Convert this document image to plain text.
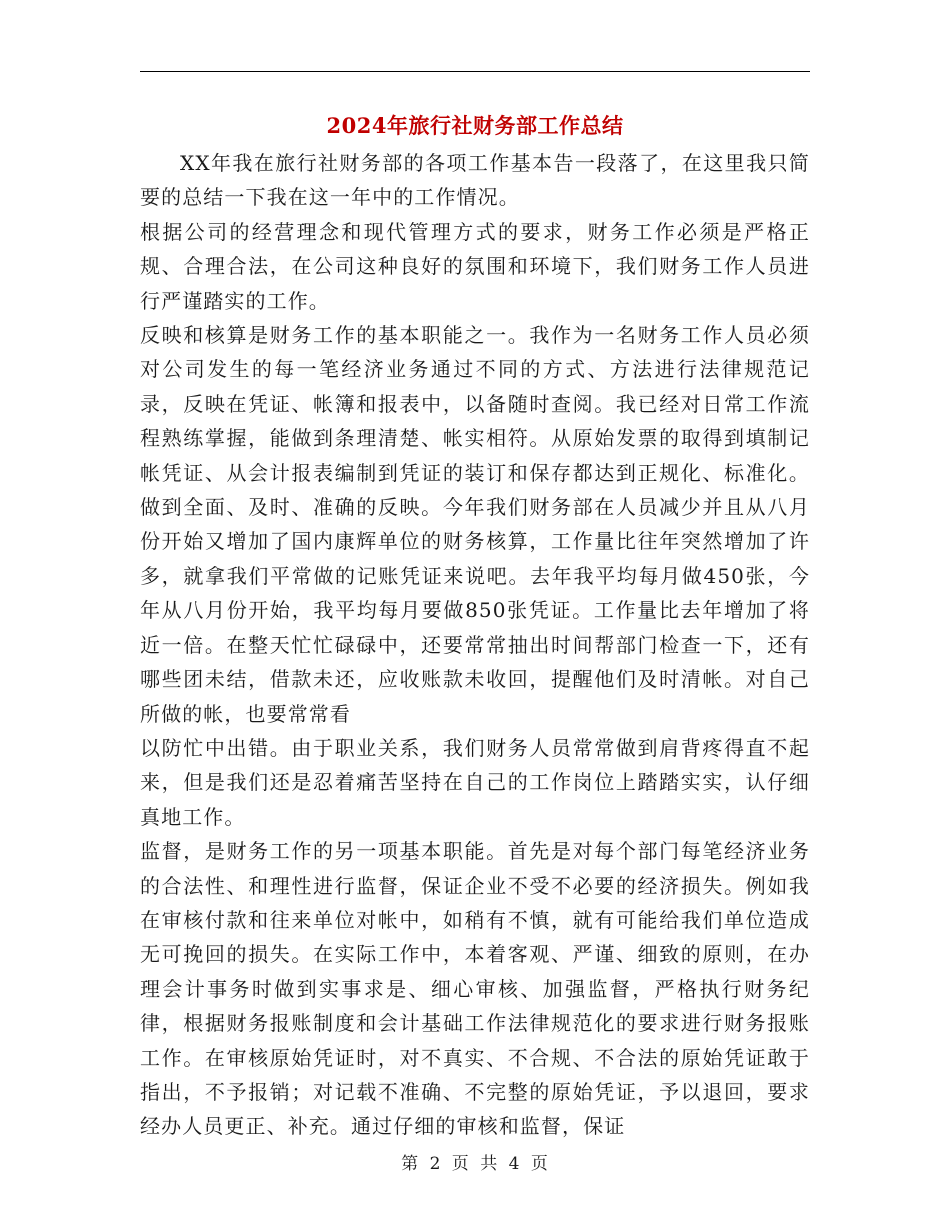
2024年旅行社财务部工作总结

XX年我在旅行社财务部的各项工作基本告一段落了，在这里我只简要的总结一下我在这一年中的工作情况。

根据公司的经营理念和现代管理方式的要求，财务工作必须是严格正规、合理合法，在公司这种良好的氛围和环境下，我们财务工作人员进行严谨踏实的工作。

反映和核算是财务工作的基本职能之一。我作为一名财务工作人员必须对公司发生的每一笔经济业务通过不同的方式、方法进行法律规范记录，反映在凭证、帐簿和报表中，以备随时查阅。我已经对日常工作流程熟练掌握，能做到条理清楚、帐实相符。从原始发票的取得到填制记帐凭证、从会计报表编制到凭证的装订和保存都达到正规化、标准化。做到全面、及时、准确的反映。今年我们财务部在人员减少并且从八月份开始又增加了国内康辉单位的财务核算，工作量比往年突然增加了许多，就拿我们平常做的记账凭证来说吧。去年我平均每月做450张，今年从八月份开始，我平均每月要做850张凭证。工作量比去年增加了将近一倍。在整天忙忙碌碌中，还要常常抽出时间帮部门检查一下，还有哪些团未结，借款未还，应收账款未收回，提醒他们及时清帐。对自己所做的帐，也要常常看

以防忙中出错。由于职业关系，我们财务人员常常做到肩背疼得直不起来，但是我们还是忍着痛苦坚持在自己的工作岗位上踏踏实实，认仔细真地工作。

监督，是财务工作的另一项基本职能。首先是对每个部门每笔经济业务的合法性、和理性进行监督，保证企业不受不必要的经济损失。例如我在审核付款和往来单位对帐中，如稍有不慎，就有可能给我们单位造成无可挽回的损失。在实际工作中，本着客观、严谨、细致的原则，在办理会计事务时做到实事求是、细心审核、加强监督，严格执行财务纪律，根据财务报账制度和会计基础工作法律规范化的要求进行财务报账工作。在审核原始凭证时，对不真实、不合规、不合法的原始凭证敢于指出，不予报销；对记载不准确、不完整的原始凭证，予以退回，要求经办人员更正、补充。通过仔细的审核和监督，保证

第 2 页 共 4 页
